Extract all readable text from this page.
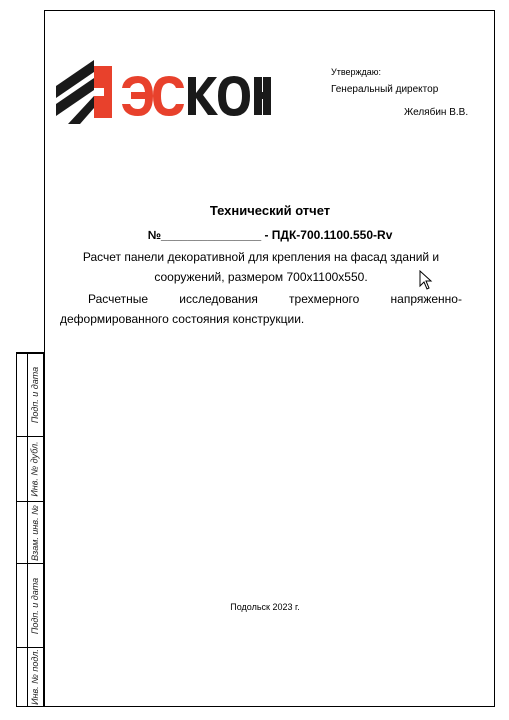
Подп. и дата
Инв. № дубл.
Взам. инв. №
Подп. и дата
Инв. № подл.
Утверждаю:
Генеральный директор
Желябин В.В.
Технический отчет
№_______________ - ПДК-700.1100.550-Rv
Расчет панели декоративной для крепления на фасад зданий и
сооружений, размером 700х1100х550.
Расчетные	исследования	трехмерного	напряженно-
деформированного состояния конструкции.
Подольск 2023 г.
